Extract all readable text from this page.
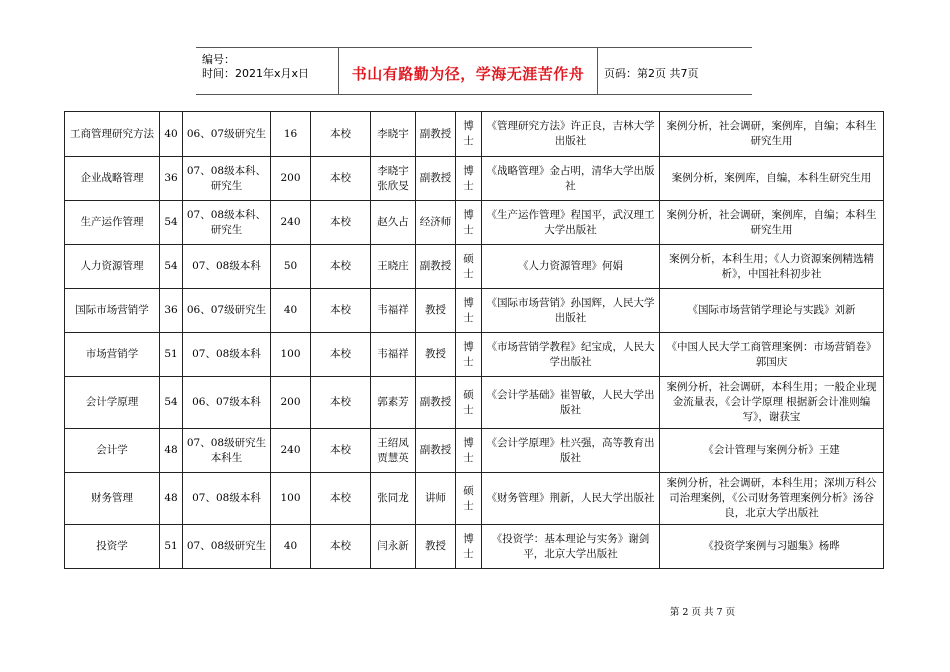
编号：
时间：2021年x月x日	书山有路勤为径，学海无涯苦作舟	页码：第2页 共7页
工商管理研究方法	40	06、07级研究生	16	本校	李晓宇	副教授	博士	《管理研究方法》许正良，吉林大学出版社	案例分析，社会调研，案例库，自编；本科生研究生用
企业战略管理	36	07、08级本科、研究生	200	本校	李晓宇 张欣旻	副教授	博士	《战略管理》金占明，清华大学出版社	案例分析，案例库，自编，本科生研究生用
生产运作管理	54	07、08级本科、研究生	240	本校	赵久占	经济师	博士	《生产运作管理》程国平，武汉理工大学出版社	案例分析，社会调研，案例库，自编；本科生研究生用
人力资源管理	54	07、08级本科	50	本校	王晓庄	副教授	硕士	《人力资源管理》何娟	案例分析，本科生用；《人力资源案例精选精析》，中国社科初步社
国际市场营销学	36	06、07级研究生	40	本校	韦福祥	教授	博士	《国际市场营销》孙国辉，人民大学出版社	《国际市场营销学理论与实践》刘新
市场营销学	51	07、08级本科	100	本校	韦福祥	教授	博士	《市场营销学教程》纪宝成，人民大学出版社	《中国人民大学工商管理案例：市场营销卷》郭国庆
会计学原理	54	06、07级本科	200	本校	郭素芳	副教授	硕士	《会计学基础》崔智敏，人民大学出版社	案例分析，社会调研，本科生用；一般企业现金流量表，《会计学原理 根据新会计准则编写》，谢获宝
会计学	48	07、08级研究生本科生	240	本校	王绍凤 贾慧英	副教授	博士	《会计学原理》杜兴强，高等教育出版社	《会计管理与案例分析》王建
财务管理	48	07、08级本科	100	本校	张同龙	讲师	硕士	《财务管理》荆新，人民大学出版社	案例分析，社会调研，本科生用；深圳万科公司治理案例，《公司财务管理案例分析》汤谷良，北京大学出版社
投资学	51	07、08级研究生	40	本校	闫永新	教授	博士	《投资学：基本理论与实务》谢剑平，北京大学出版社	《投资学案例与习题集》杨晔
第 2 页 共 7 页
